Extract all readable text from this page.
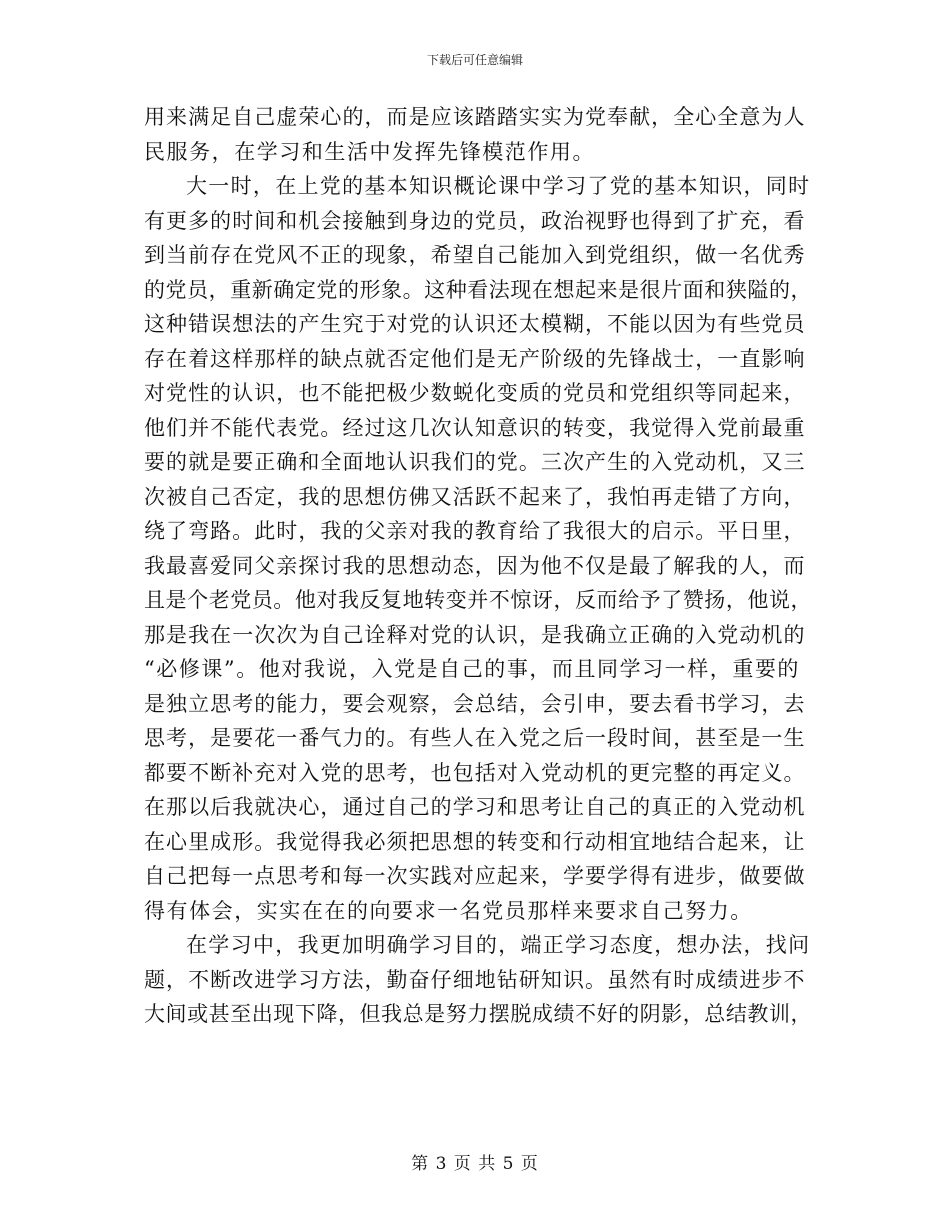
下载后可任意编辑
用来满足自己虚荣心的，而是应该踏踏实实为党奉献，全心全意为人
民服务，在学习和生活中发挥先锋模范作用。
大一时，在上党的基本知识概论课中学习了党的基本知识，同时
有更多的时间和机会接触到身边的党员，政治视野也得到了扩充，看
到当前存在党风不正的现象，希望自己能加入到党组织，做一名优秀
的党员，重新确定党的形象。这种看法现在想起来是很片面和狭隘的，
这种错误想法的产生究于对党的认识还太模糊，不能以因为有些党员
存在着这样那样的缺点就否定他们是无产阶级的先锋战士，一直影响
对党性的认识，也不能把极少数蜕化变质的党员和党组织等同起来，
他们并不能代表党。经过这几次认知意识的转变，我觉得入党前最重
要的就是要正确和全面地认识我们的党。三次产生的入党动机，又三
次被自己否定，我的思想仿佛又活跃不起来了，我怕再走错了方向，
绕了弯路。此时，我的父亲对我的教育给了我很大的启示。平日里，
我最喜爱同父亲探讨我的思想动态，因为他不仅是最了解我的人，而
且是个老党员。他对我反复地转变并不惊讶，反而给予了赞扬，他说，
那是我在一次次为自己诠释对党的认识，是我确立正确的入党动机的
“必修课”。他对我说，入党是自己的事，而且同学习一样，重要的
是独立思考的能力，要会观察，会总结，会引申，要去看书学习，去
思考，是要花一番气力的。有些人在入党之后一段时间，甚至是一生
都要不断补充对入党的思考，也包括对入党动机的更完整的再定义。
在那以后我就决心，通过自己的学习和思考让自己的真正的入党动机
在心里成形。我觉得我必须把思想的转变和行动相宜地结合起来，让
自己把每一点思考和每一次实践对应起来，学要学得有进步，做要做
得有体会，实实在在的向要求一名党员那样来要求自己努力。
在学习中，我更加明确学习目的，端正学习态度，想办法，找问
题，不断改进学习方法，勤奋仔细地钻研知识。虽然有时成绩进步不
大间或甚至出现下降，但我总是努力摆脱成绩不好的阴影，总结教训，
第 3 页 共 5 页
